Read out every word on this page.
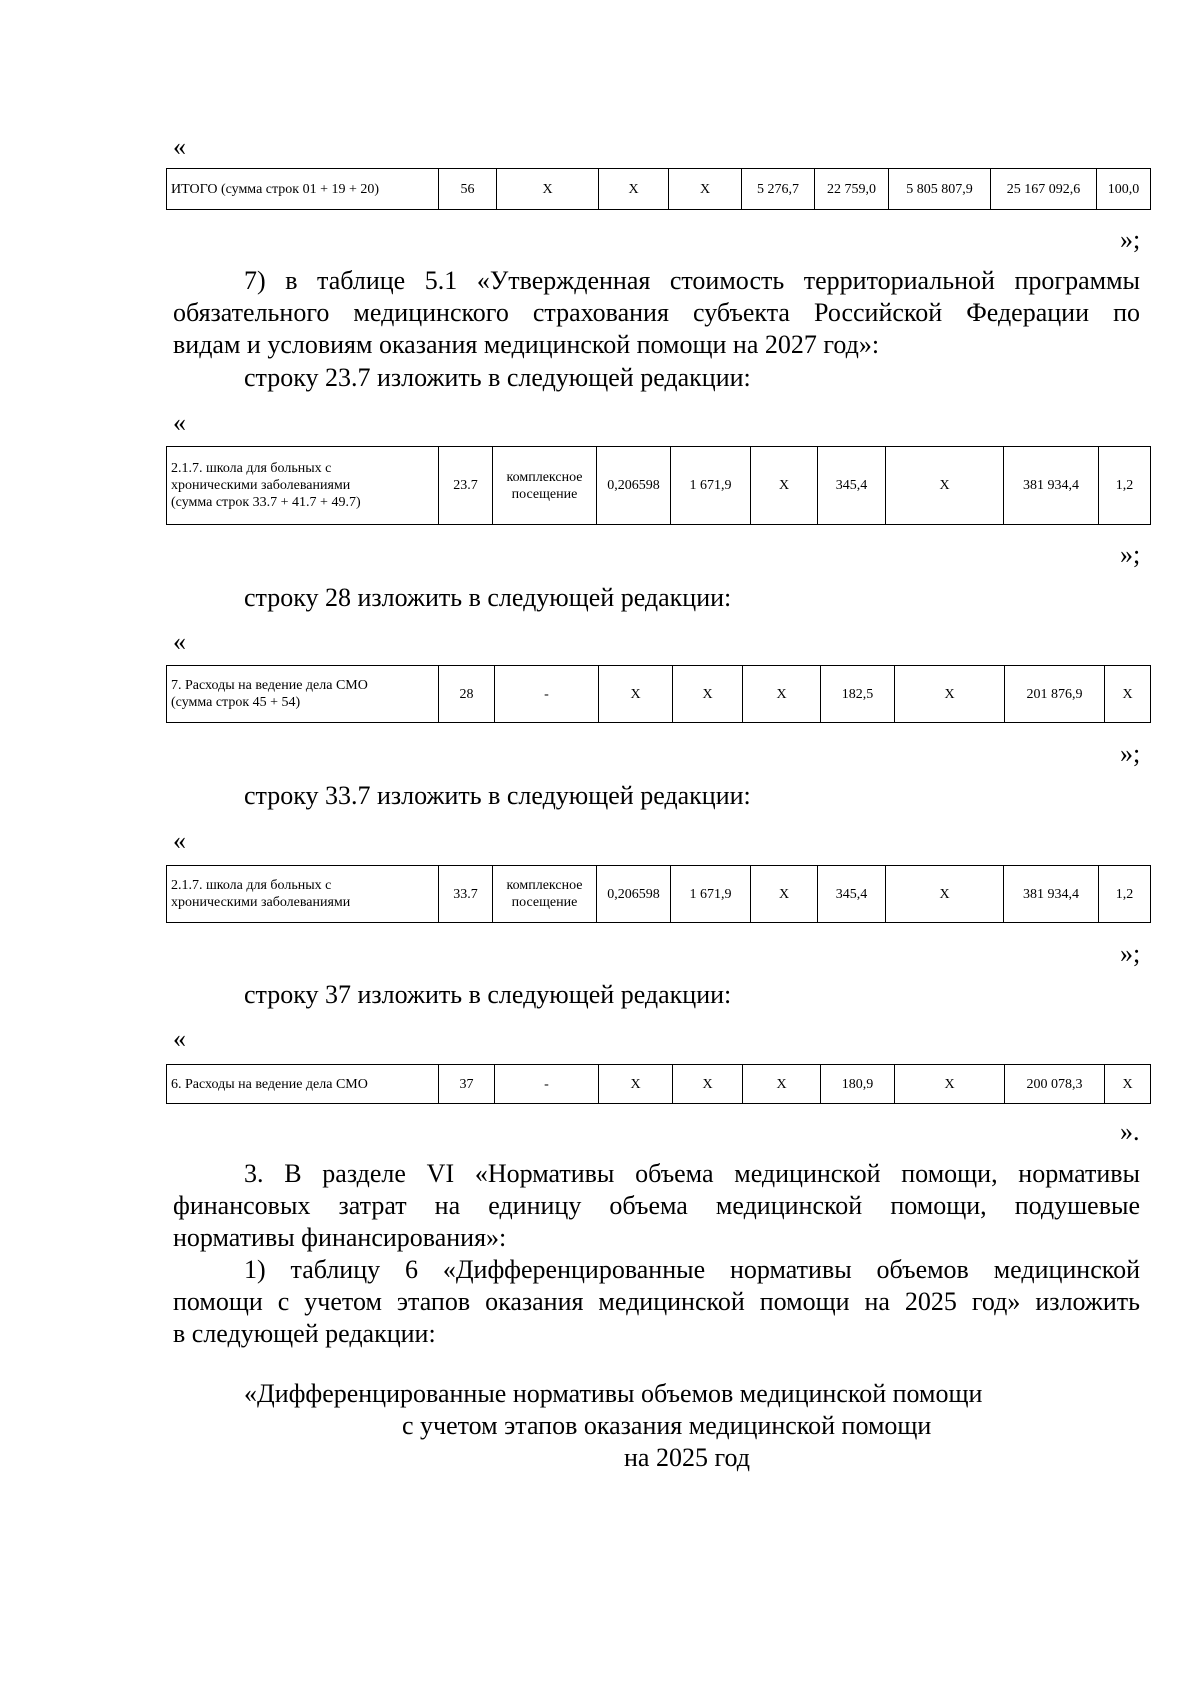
«
ИТОГО (сумма строк 01 + 19 + 20)	56	X	X	X	5 276,7	22 759,0	5 805 807,9	25 167 092,6	100,0
»;
7) в таблице 5.1 «Утвержденная стоимость территориальной программы
обязательного медицинского страхования субъекта Российской Федерации по
видам и условиям оказания медицинской помощи на 2027 год»:
строку 23.7 изложить в следующей редакции:
«
2.1.7. школа для больных с
хроническими заболеваниями
(сумма строк 33.7 + 41.7 + 49.7)
	23.7	комплексное посещение	0,206598	1 671,9	X	345,4	X	381 934,4	1,2
»;
строку 28 изложить в следующей редакции:
«
7. Расходы на ведение дела СМО
(сумма строк 45 + 54)
	28	-	X	X	X	182,5	X	201 876,9	X
»;
строку 33.7 изложить в следующей редакции:
«
2.1.7. школа для больных с
хроническими заболеваниями
	33.7	комплексное посещение	0,206598	1 671,9	X	345,4	X	381 934,4	1,2
»;
строку 37 изложить в следующей редакции:
«
6. Расходы на ведение дела СМО	37	-	X	X	X	180,9	X	200 078,3	X
».
3. В разделе VI «Нормативы объема медицинской помощи, нормативы
финансовых затрат на единицу объема медицинской помощи, подушевые
нормативы финансирования»:
1) таблицу 6 «Дифференцированные нормативы объемов медицинской
помощи с учетом этапов оказания медицинской помощи на 2025 год» изложить
в следующей редакции:
«Дифференцированные нормативы объемов медицинской помощи
с учетом этапов оказания медицинской помощи
на 2025 год
